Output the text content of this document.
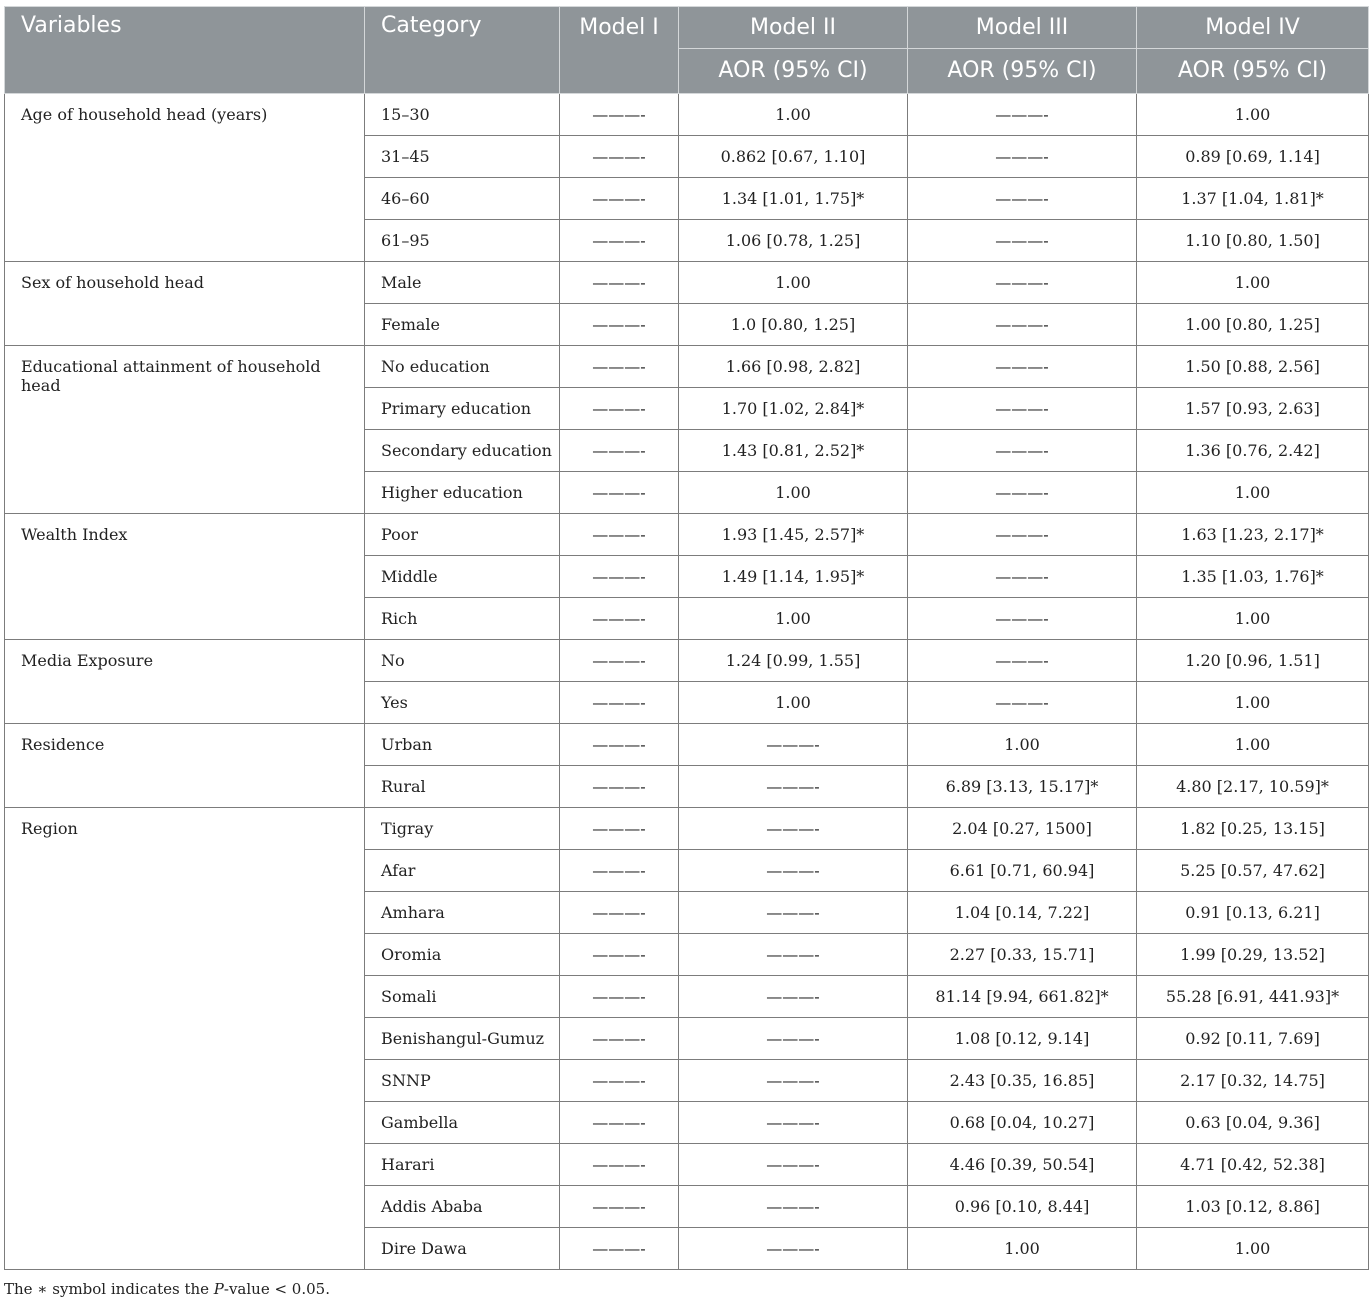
Variables	Category	Model I	Model II	Model III	Model IV
			AOR (95% CI)	AOR (95% CI)	AOR (95% CI)
Age of household head (years)	15–30	———-	1.00	———-	1.00
	31–45	———-	0.862 [0.67, 1.10]	———-	0.89 [0.69, 1.14]
	46–60	———-	1.34 [1.01, 1.75]*	———-	1.37 [1.04, 1.81]*
	61–95	———-	1.06 [0.78, 1.25]	———-	1.10 [0.80, 1.50]
Sex of household head	Male	———-	1.00	———-	1.00
	Female	———-	1.0 [0.80, 1.25]	———-	1.00 [0.80, 1.25]
Educational attainment of household head	No education	———-	1.66 [0.98, 2.82]	———-	1.50 [0.88, 2.56]
	Primary education	———-	1.70 [1.02, 2.84]*	———-	1.57 [0.93, 2.63]
	Secondary education	———-	1.43 [0.81, 2.52]*	———-	1.36 [0.76, 2.42]
	Higher education	———-	1.00	———-	1.00
Wealth Index	Poor	———-	1.93 [1.45, 2.57]*	———-	1.63 [1.23, 2.17]*
	Middle	———-	1.49 [1.14, 1.95]*	———-	1.35 [1.03, 1.76]*
	Rich	———-	1.00	———-	1.00
Media Exposure	No	———-	1.24 [0.99, 1.55]	———-	1.20 [0.96, 1.51]
	Yes	———-	1.00	———-	1.00
Residence	Urban	———-	———-	1.00	1.00
	Rural	———-	———-	6.89 [3.13, 15.17]*	4.80 [2.17, 10.59]*
Region	Tigray	———-	———-	2.04 [0.27, 1500]	1.82 [0.25, 13.15]
	Afar	———-	———-	6.61 [0.71, 60.94]	5.25 [0.57, 47.62]
	Amhara	———-	———-	1.04 [0.14, 7.22]	0.91 [0.13, 6.21]
	Oromia	———-	———-	2.27 [0.33, 15.71]	1.99 [0.29, 13.52]
	Somali	———-	———-	81.14 [9.94, 661.82]*	55.28 [6.91, 441.93]*
	Benishangul-Gumuz	———-	———-	1.08 [0.12, 9.14]	0.92 [0.11, 7.69]
	SNNP	———-	———-	2.43 [0.35, 16.85]	2.17 [0.32, 14.75]
	Gambella	———-	———-	0.68 [0.04, 10.27]	0.63 [0.04, 9.36]
	Harari	———-	———-	4.46 [0.39, 50.54]	4.71 [0.42, 52.38]
	Addis Ababa	———-	———-	0.96 [0.10, 8.44]	1.03 [0.12, 8.86]
	Dire Dawa	———-	———-	1.00	1.00
The ∗ symbol indicates the P-value < 0.05.
